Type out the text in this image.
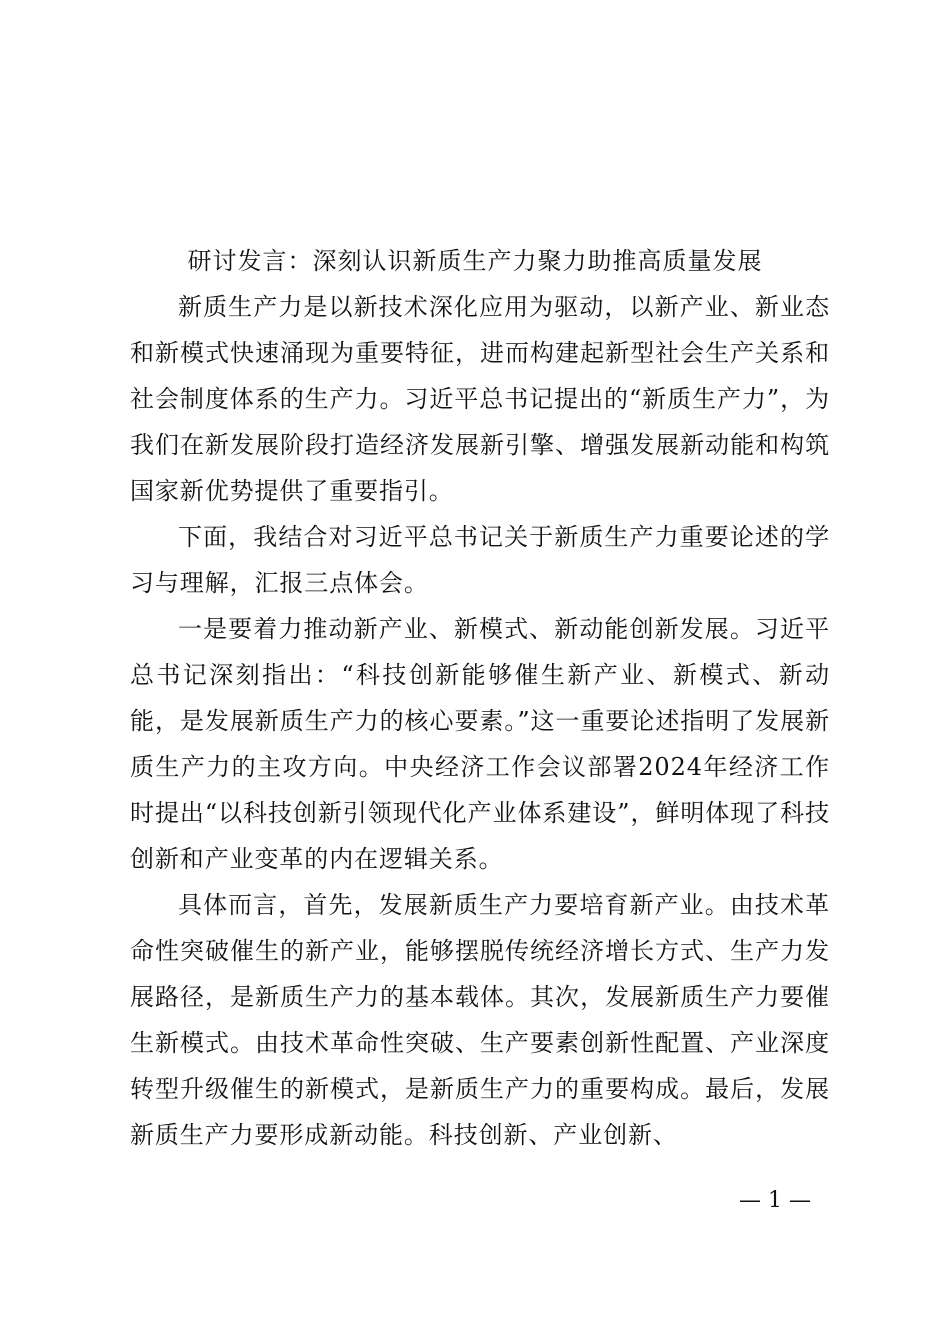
研讨发言：深刻认识新质生产力聚力助推高质量发展

新质生产力是以新技术深化应用为驱动，以新产业、新业态和新模式快速涌现为重要特征，进而构建起新型社会生产关系和社会制度体系的生产力。习近平总书记提出的“新质生产力”，为我们在新发展阶段打造经济发展新引擎、增强发展新动能和构筑国家新优势提供了重要指引。

下面，我结合对习近平总书记关于新质生产力重要论述的学习与理解，汇报三点体会。

一是要着力推动新产业、新模式、新动能创新发展。习近平总书记深刻指出：“科技创新能够催生新产业、新模式、新动能，是发展新质生产力的核心要素。”这一重要论述指明了发展新质生产力的主攻方向。中央经济工作会议部署2024年经济工作时提出“以科技创新引领现代化产业体系建设”，鲜明体现了科技创新和产业变革的内在逻辑关系。

具体而言，首先，发展新质生产力要培育新产业。由技术革命性突破催生的新产业，能够摆脱传统经济增长方式、生产力发展路径，是新质生产力的基本载体。其次，发展新质生产力要催生新模式。由技术革命性突破、生产要素创新性配置、产业深度转型升级催生的新模式，是新质生产力的重要构成。最后，发展新质生产力要形成新动能。科技创新、产业创新、

— 1 —
